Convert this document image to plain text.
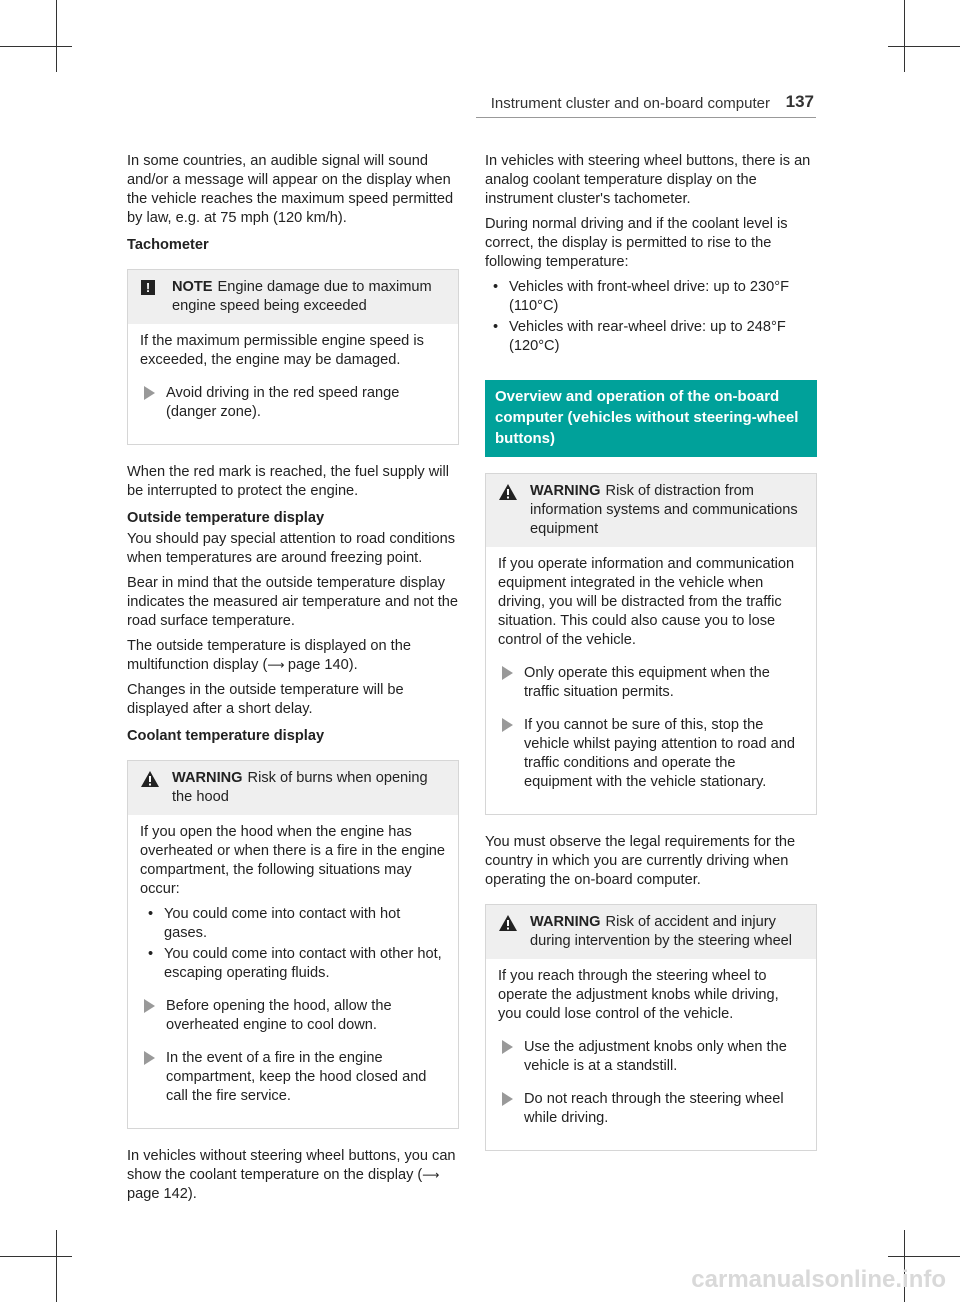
Instrument cluster and on-board computer 137

In some countries, an audible signal will sound and/or a message will appear on the display when the vehicle reaches the maximum speed permitted by law, e.g. at 75 mph (120 km/h).

Tachometer
!	NOTE Engine damage due to maximum engine speed being exceeded

If the maximum permissible engine speed is exceeded, the engine may be damaged.

Avoid driving in the red speed range (danger zone).

When the red mark is reached, the fuel supply will be interrupted to protect the engine.

Outside temperature display

You should pay special attention to road conditions when temperatures are around freezing point.

Bear in mind that the outside temperature display indicates the measured air temperature and not the road surface temperature.

The outside temperature is displayed on the multifunction display (⟶ page 140).

Changes in the outside temperature will be displayed after a short delay.

Coolant temperature display
WARNING Risk of burns when opening the hood

If you open the hood when the engine has overheated or when there is a fire in the engine compartment, the following situations may occur:

• You could come into contact with hot gases.
• You could come into contact with other hot, escaping operating fluids.
Before opening the hood, allow the overheated engine to cool down.
In the event of a fire in the engine compartment, keep the hood closed and call the fire service.

In vehicles without steering wheel buttons, you can show the coolant temperature on the display (⟶ page 142).

In vehicles with steering wheel buttons, there is an analog coolant temperature display on the instrument cluster's tachometer.

During normal driving and if the coolant level is correct, the display is permitted to rise to the following temperature:

• Vehicles with front-wheel drive: up to 230°F (110°C)
• Vehicles with rear-wheel drive: up to 248°F (120°C)
Overview and operation of the on-board computer (vehicles without steering-wheel buttons)
WARNING Risk of distraction from information systems and communications equipment

If you operate information and communication equipment integrated in the vehicle when driving, you will be distracted from the traffic situation. This could also cause you to lose control of the vehicle.

Only operate this equipment when the traffic situation permits.
If you cannot be sure of this, stop the vehicle whilst paying attention to road and traffic conditions and operate the equipment with the vehicle stationary.

You must observe the legal requirements for the country in which you are currently driving when operating the on-board computer.

WARNING Risk of accident and injury during intervention by the steering wheel

If you reach through the steering wheel to operate the adjustment knobs while driving, you could lose control of the vehicle.

Use the adjustment knobs only when the vehicle is at a standstill.
Do not reach through the steering wheel while driving.
carmanualsonline.info
